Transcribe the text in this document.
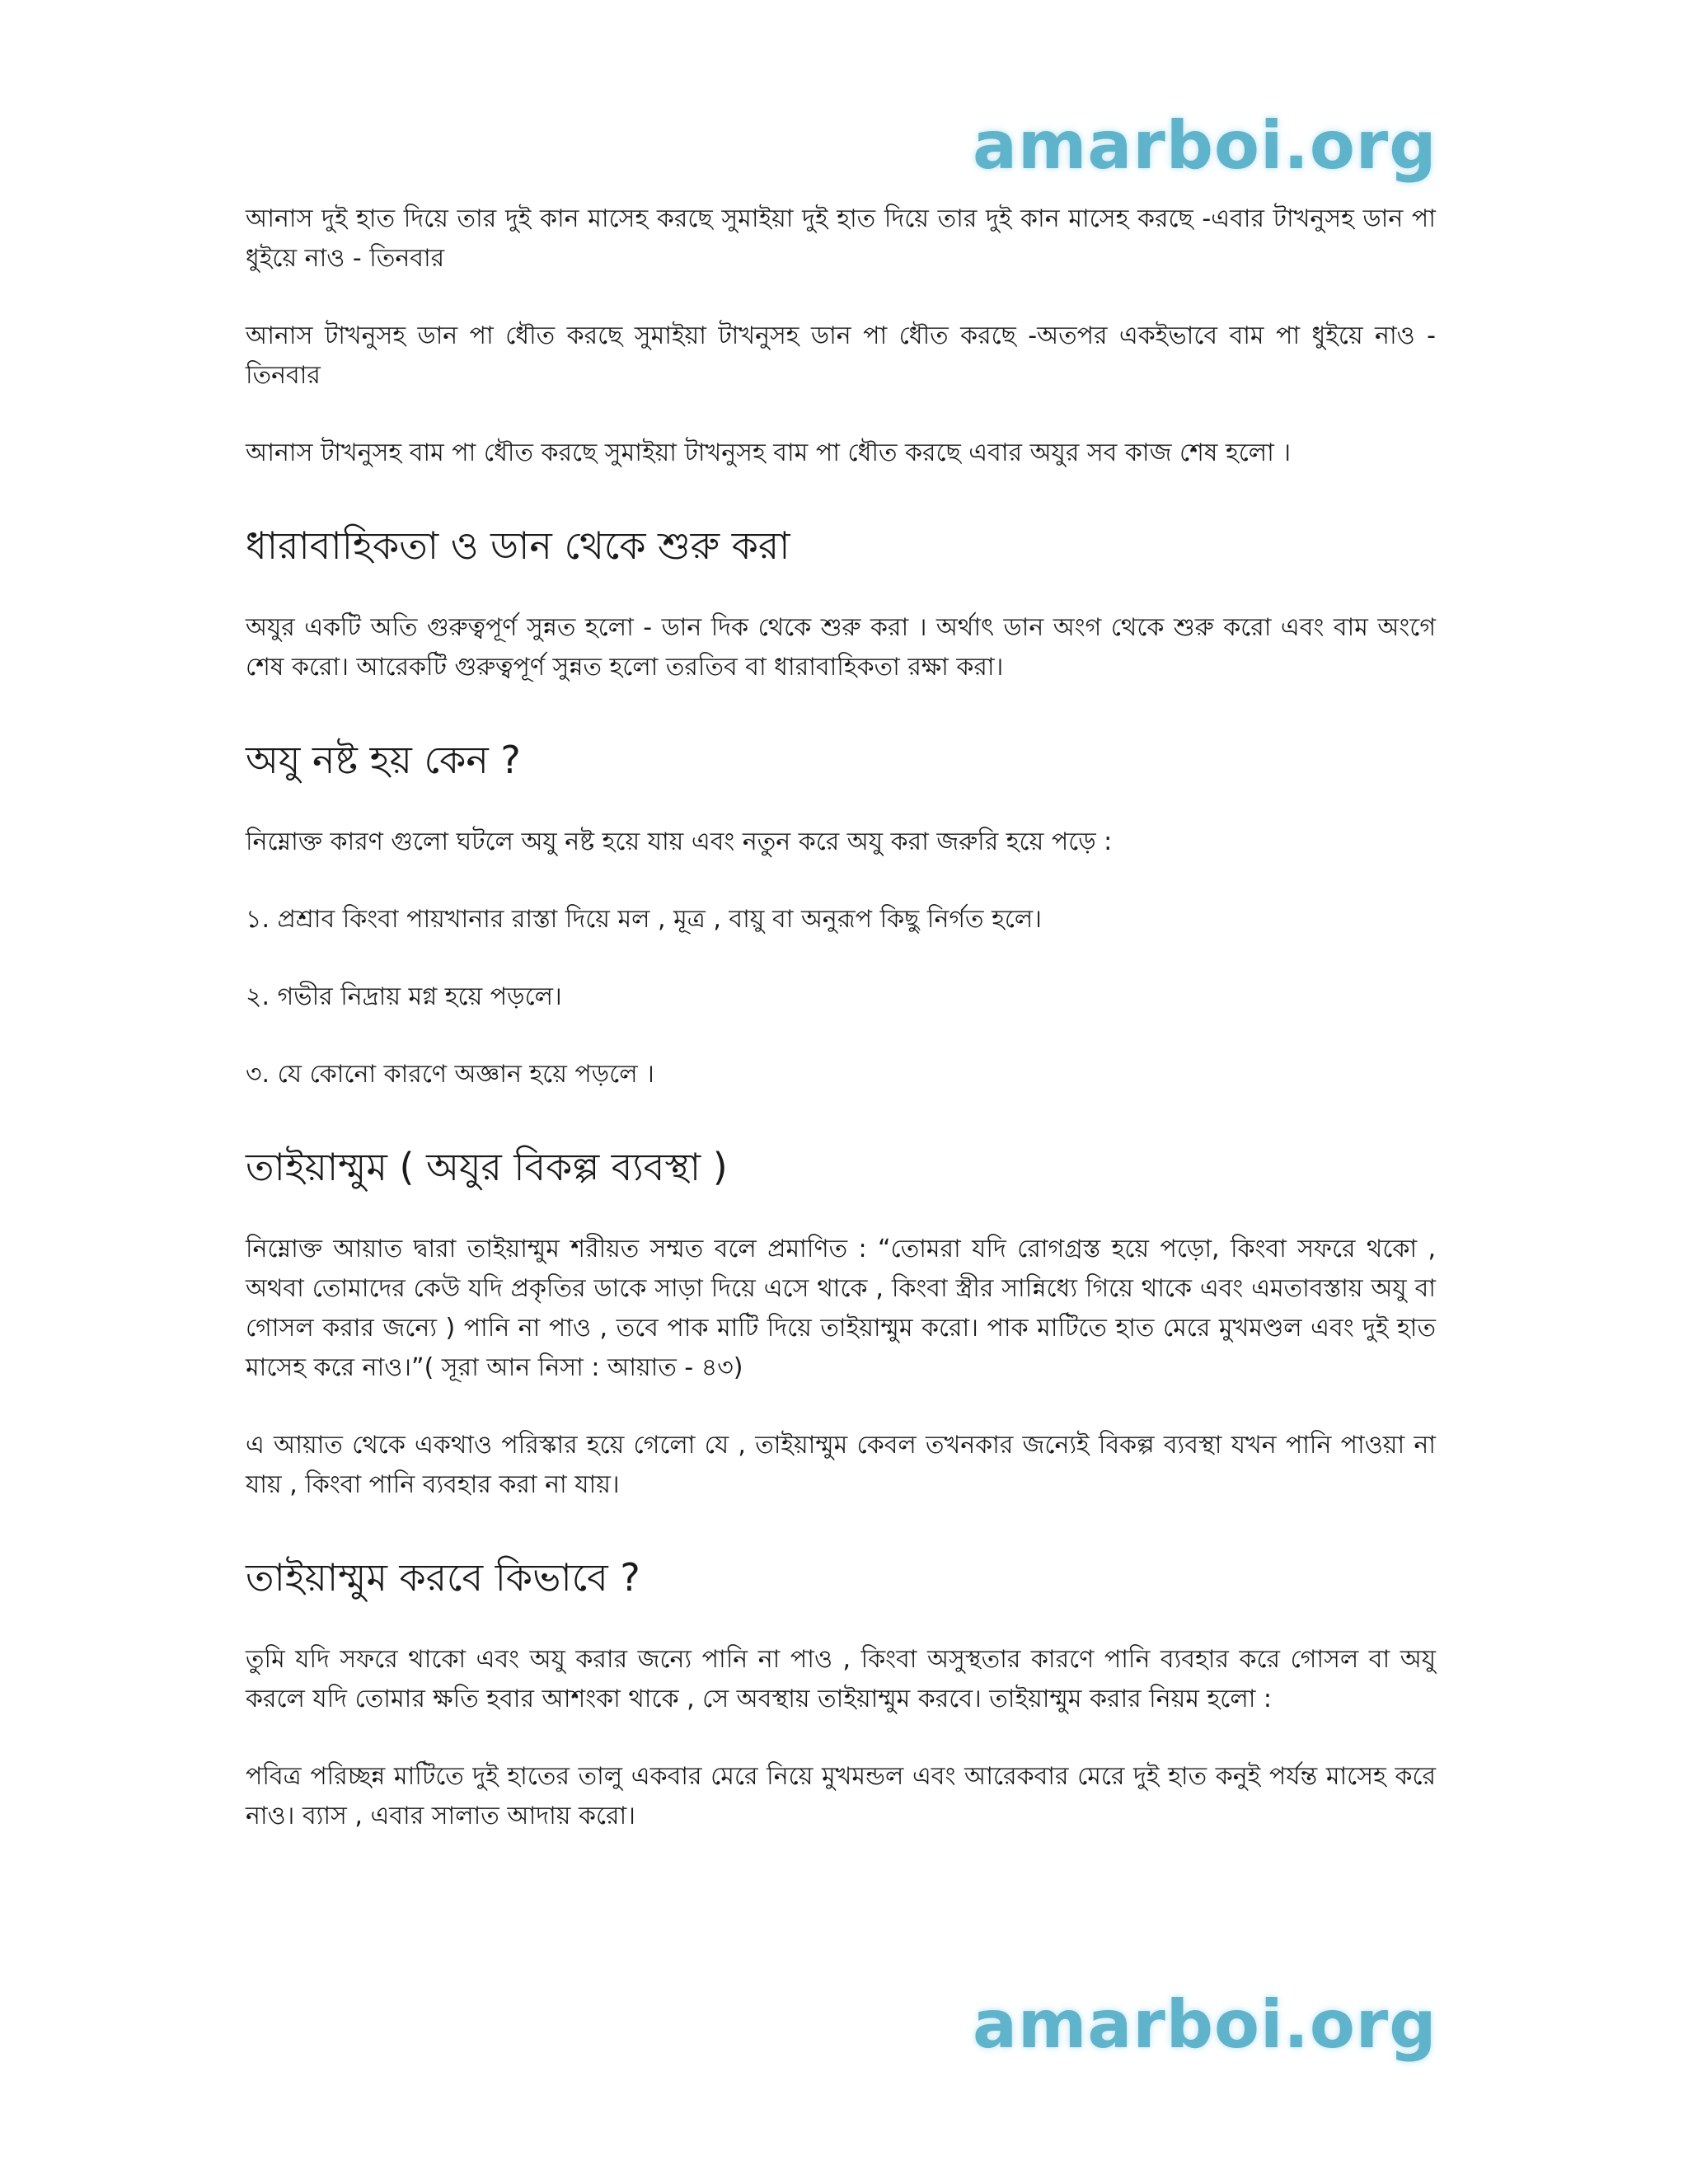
amarboi.org

আনাস দুই হাত দিয়ে তার দুই কান মাসেহ করছে সুমাইয়া দুই হাত দিয়ে তার দুই কান মাসেহ করছে -এবার টাখনুসহ ডান পা ধুইয়ে নাও - তিনবার

আনাস টাখনুসহ ডান পা ধৌত করছে সুমাইয়া টাখনুসহ ডান পা ধৌত করছে -অতপর একইভাবে বাম পা ধুইয়ে নাও - তিনবার

আনাস টাখনুসহ বাম পা ধৌত করছে সুমাইয়া টাখনুসহ বাম পা ধৌত করছে এবার অযুর সব কাজ শেষ হলো ।

ধারাবাহিকতা ও ডান থেকে শুরু করা

অযুর একটি অতি গুরুত্বপূর্ণ সুন্নত হলো - ডান দিক থেকে শুরু করা । অর্থাৎ ডান অংগ থেকে শুরু করো এবং বাম অংগে শেষ করো। আরেকটি গুরুত্বপূর্ণ সুন্নত হলো তরতিব বা ধারাবাহিকতা রক্ষা করা।

অযু নষ্ট হয় কেন ?

নিম্নোক্ত কারণ গুলো ঘটলে অযু নষ্ট হয়ে যায় এবং নতুন করে অযু করা জরুরি হয়ে পড়ে :

১. প্রশ্রাব কিংবা পায়খানার রাস্তা দিয়ে মল , মূত্র , বায়ু বা অনুরূপ কিছু নির্গত হলে।

২. গভীর নিদ্রায় মগ্ন হয়ে পড়লে।

৩. যে কোনো কারণে অজ্ঞান হয়ে পড়লে ।

তাইয়াম্মুম ( অযুর বিকল্প ব্যবস্থা )

নিম্নোক্ত আয়াত দ্বারা তাইয়াম্মুম শরীয়ত সম্মত বলে প্রমাণিত : “তোমরা যদি রোগগ্রস্ত হয়ে পড়ো, কিংবা সফরে থকো , অথবা তোমাদের কেউ যদি প্রকৃতির ডাকে সাড়া দিয়ে এসে থাকে , কিংবা স্ত্রীর সান্নিধ্যে গিয়ে থাকে এবং এমতাবস্তায় অযু বা গোসল করার জন্যে ) পানি না পাও , তবে পাক মাটি দিয়ে তাইয়াম্মুম করো। পাক মাটিতে হাত মেরে মুখমণ্ডল এবং দুই হাত মাসেহ করে নাও।”( সূরা আন নিসা : আয়াত - ৪৩)

এ আয়াত থেকে একথাও পরিস্কার হয়ে গেলো যে , তাইয়াম্মুম কেবল তখনকার জন্যেই বিকল্প ব্যবস্থা যখন পানি পাওয়া না যায় , কিংবা পানি ব্যবহার করা না যায়।

তাইয়াম্মুম করবে কিভাবে ?

তুমি যদি সফরে থাকো এবং অযু করার জন্যে পানি না পাও , কিংবা অসুস্থতার কারণে পানি ব্যবহার করে গোসল বা অযু করলে যদি তোমার ক্ষতি হবার আশংকা থাকে , সে অবস্থায় তাইয়াম্মুম করবে। তাইয়াম্মুম করার নিয়ম হলো :

পবিত্র পরিচ্ছন্ন মাটিতে দুই হাতের তালু একবার মেরে নিয়ে মুখমন্ডল এবং আরেকবার মেরে দুই হাত কনুই পর্যন্ত মাসেহ করে নাও। ব্যাস , এবার সালাত আদায় করো।

amarboi.org
